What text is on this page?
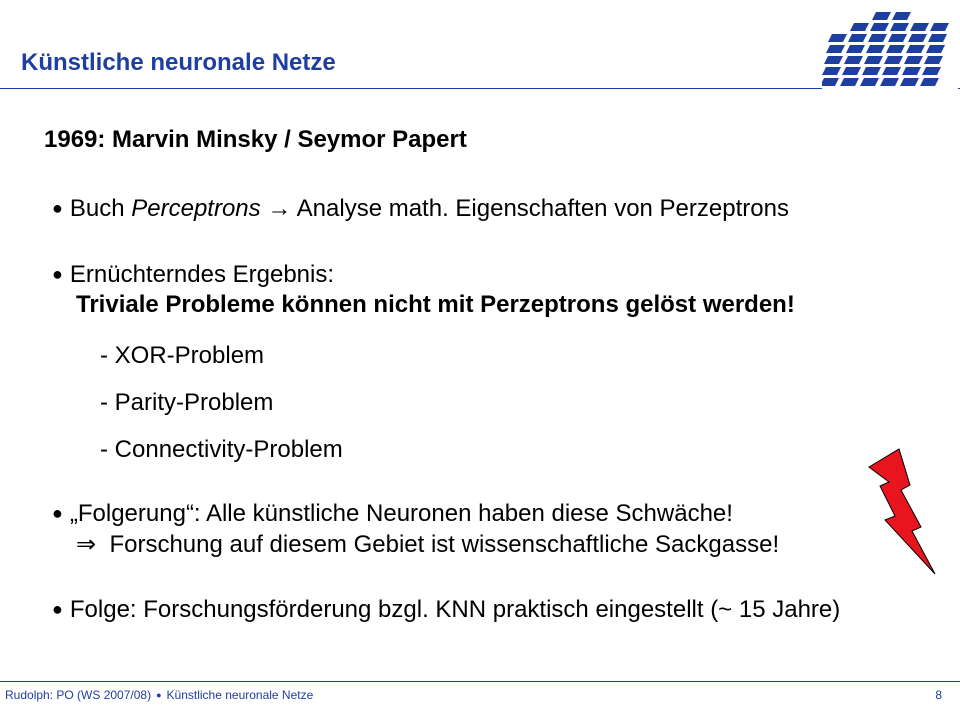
Künstliche neuronale Netze
1969: Marvin Minsky / Seymor Papert
● Buch Perceptrons → Analyse math. Eigenschaften von Perzeptrons
● Ernüchterndes Ergebnis:
Triviale Probleme können nicht mit Perzeptrons gelöst werden!
- XOR-Problem
- Parity-Problem
- Connectivity-Problem
● „Folgerung“: Alle künstliche Neuronen haben diese Schwäche!
⇒ Forschung auf diesem Gebiet ist wissenschaftliche Sackgasse!
● Folge: Forschungsförderung bzgl. KNN praktisch eingestellt (~ 15 Jahre)
Rudolph: PO (WS 2007/08) ● Künstliche neuronale Netze	8
